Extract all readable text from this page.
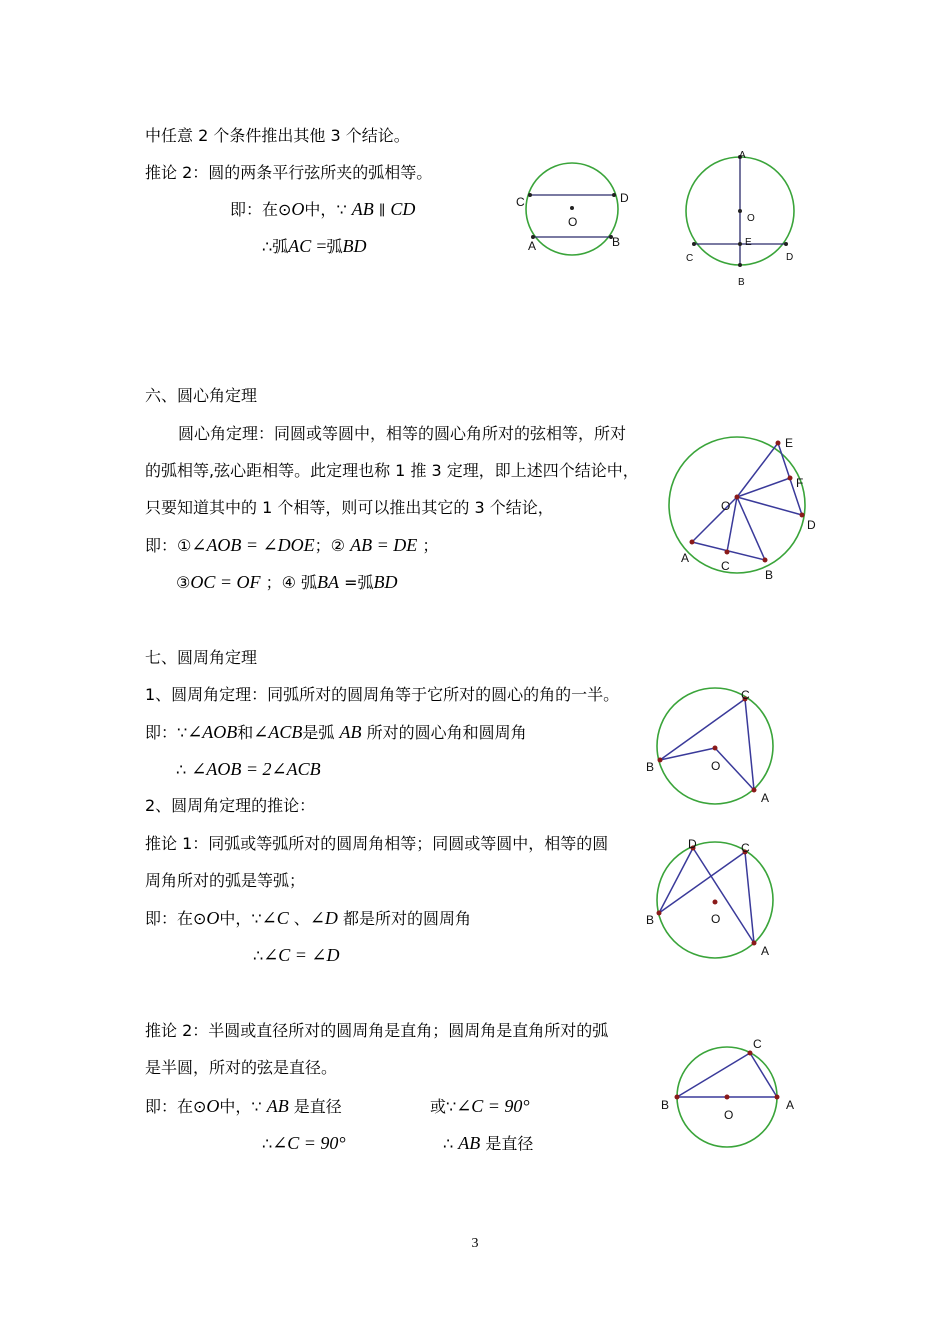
中任意 2 个条件推出其他 3 个结论。
推论 2：圆的两条平行弦所夹的弧相等。
即：在⊙O中，∵ AB ∥ CD
∴弧AC =弧BD
C	D
O
A	B
A
O
E
C	D
B
六、圆心角定理
圆心角定理：同圆或等圆中，相等的圆心角所对的弦相等，所对
的弧相等,弦心距相等。此定理也称 1 推 3 定理，即上述四个结论中，
只要知道其中的 1 个相等，则可以推出其它的 3 个结论，
即：①∠AOB = ∠DOE；② AB = DE ；
③OC = OF ；④ 弧BA =弧BD
E
F
O
D
A
C
B
七、圆周角定理
1、圆周角定理：同弧所对的圆周角等于它所对的圆心的角的一半。
即：∵∠AOB和∠ACB是弧 AB 所对的圆心角和圆周角
∴ ∠AOB = 2∠ACB
2、圆周角定理的推论：
推论 1：同弧或等弧所对的圆周角相等；同圆或等圆中，相等的圆
周角所对的弧是等弧；
即：在⊙O中，∵∠C 、∠D 都是所对的圆周角
∴∠C = ∠D
推论 2：半圆或直径所对的圆周角是直角；圆周角是直角所对的弧
是半圆，所对的弦是直径。
即：在⊙O中，∵ AB 是直径	或∵∠C = 90°
∴∠C = 90°	∴ AB 是直径
C
O
B
A
D	C
B	O
A
C
B
O
A
3
